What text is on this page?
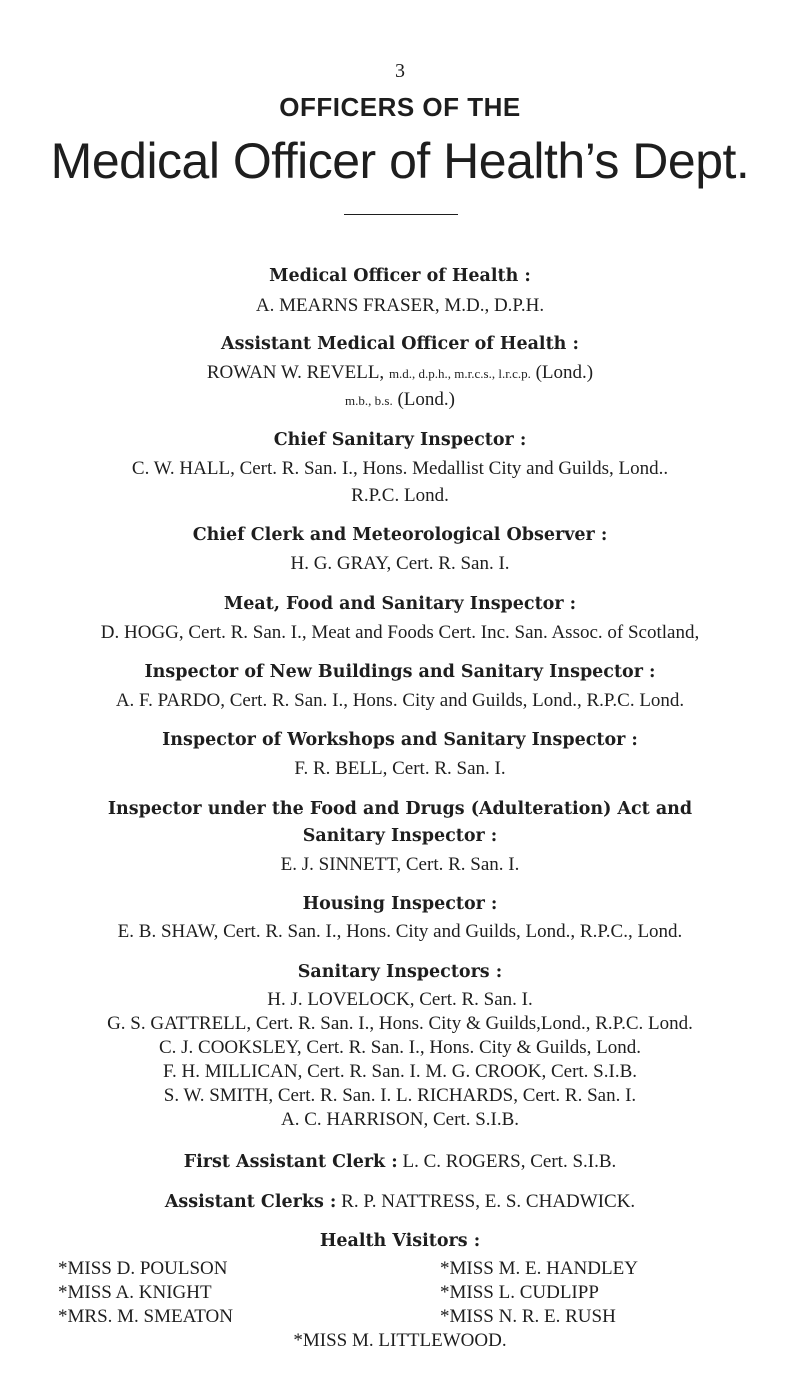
3
OFFICERS OF THE
Medical Officer of Health’s Dept.
Medical Officer of Health :
A. MEARNS FRASER, M.D., D.P.H.
Assistant Medical Officer of Health :
ROWAN W. REVELL, m.d., d.p.h., m.r.c.s., l.r.c.p. (Lond.)
m.b., b.s. (Lond.)
Chief Sanitary Inspector :
C. W. HALL, Cert. R. San. I., Hons. Medallist City and Guilds, Lond..
R.P.C. Lond.
Chief Clerk and Meteorological Observer :
H. G. GRAY, Cert. R. San. I.
Meat, Food and Sanitary Inspector :
D. HOGG, Cert. R. San. I., Meat and Foods Cert. Inc. San. Assoc. of Scotland,
Inspector of New Buildings and Sanitary Inspector :
A. F. PARDO, Cert. R. San. I., Hons. City and Guilds, Lond., R.P.C. Lond.
Inspector of Workshops and Sanitary Inspector :
F. R. BELL, Cert. R. San. I.
Inspector under the Food and Drugs (Adulteration) Act and
Sanitary Inspector :
E. J. SINNETT, Cert. R. San. I.
Housing Inspector :
E. B. SHAW, Cert. R. San. I., Hons. City and Guilds, Lond., R.P.C., Lond.
Sanitary Inspectors :
H. J. LOVELOCK, Cert. R. San. I.
G. S. GATTRELL, Cert. R. San. I., Hons. City & Guilds,Lond., R.P.C. Lond.
C. J. COOKSLEY, Cert. R. San. I., Hons. City & Guilds, Lond.
F. H. MILLICAN, Cert. R. San. I. M. G. CROOK, Cert. S.I.B.
S. W. SMITH, Cert. R. San. I. L. RICHARDS, Cert. R. San. I.
A. C. HARRISON, Cert. S.I.B.
First Assistant Clerk : L. C. ROGERS, Cert. S.I.B.
Assistant Clerks : R. P. NATTRESS, E. S. CHADWICK.
Health Visitors :
*MISS D. POULSON	*MISS M. E. HANDLEY
*MISS A. KNIGHT	*MISS L. CUDLIPP
*MRS. M. SMEATON	*MISS N. R. E. RUSH
*MISS M. LITTLEWOOD.
